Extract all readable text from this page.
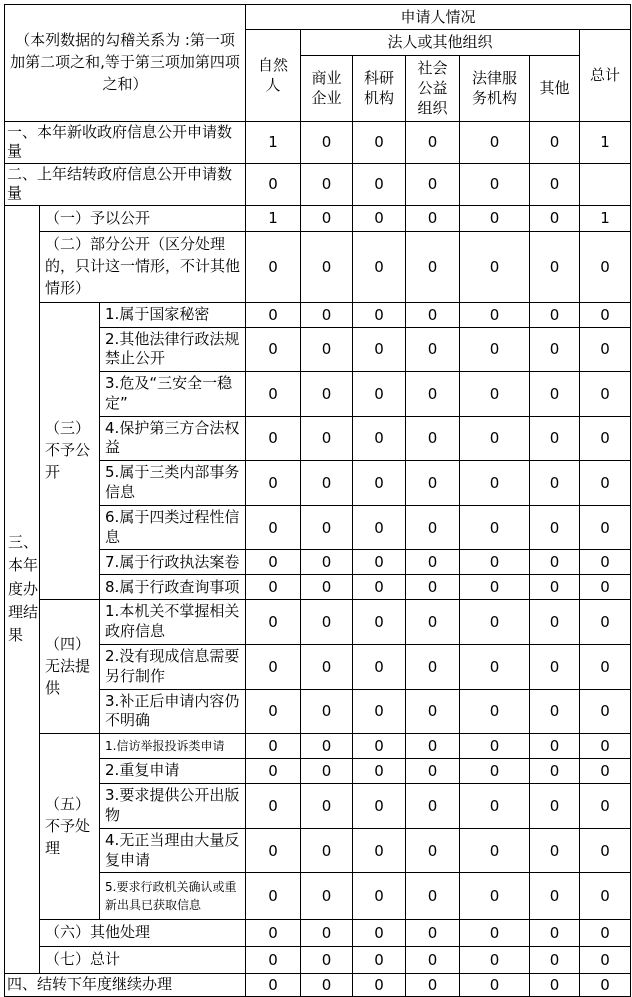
（本列数据的勾稽关系为 :第一项加第二项之和,等于第三项加第四项之和）			申请人情况						
			自然人	法人或其他组织					总计
				商业企业	科研机构	社会公益组织	法律服务机构	其他	
一、本年新收政府信息公开申请数量			1	0	0	0	0	0	1
二、上年结转政府信息公开申请数量			0	0	0	0	0	0	
三、本年度办理结果	（一）予以公开		1	0	0	0	0	0	1
	（二）部分公开（区分处理的，只计这一情形，不计其他情形）		0	0	0	0	0	0	0
	（三）不予公开	1.属于国家秘密	0	0	0	0	0	0	0
		2.其他法律行政法规禁止公开	0	0	0	0	0	0	0
		3.危及“三安全一稳定”	0	0	0	0	0	0	0
		4.保护第三方合法权益	0	0	0	0	0	0	0
		5.属于三类内部事务信息	0	0	0	0	0	0	0
		6.属于四类过程性信息	0	0	0	0	0	0	0
		7.属于行政执法案卷	0	0	0	0	0	0	0
		8.属于行政查询事项	0	0	0	0	0	0	0
	（四）无法提供	1.本机关不掌握相关政府信息	0	0	0	0	0	0	0
		2.没有现成信息需要另行制作	0	0	0	0	0	0	0
		3.补正后申请内容仍不明确	0	0	0	0	0	0	0
	（五）不予处理	1.信访举报投诉类申请	0	0	0	0	0	0	0
		2.重复申请	0	0	0	0	0	0	0
		3.要求提供公开出版物	0	0	0	0	0	0	0
		4.无正当理由大量反复申请	0	0	0	0	0	0	0
		5.要求行政机关确认或重新出具已获取信息	0	0	0	0	0	0	0
	（六）其他处理		0	0	0	0	0	0	0
	（七）总计		0	0	0	0	0	0	0
四、结转下年度继续办理			0	0	0	0	0	0	0
